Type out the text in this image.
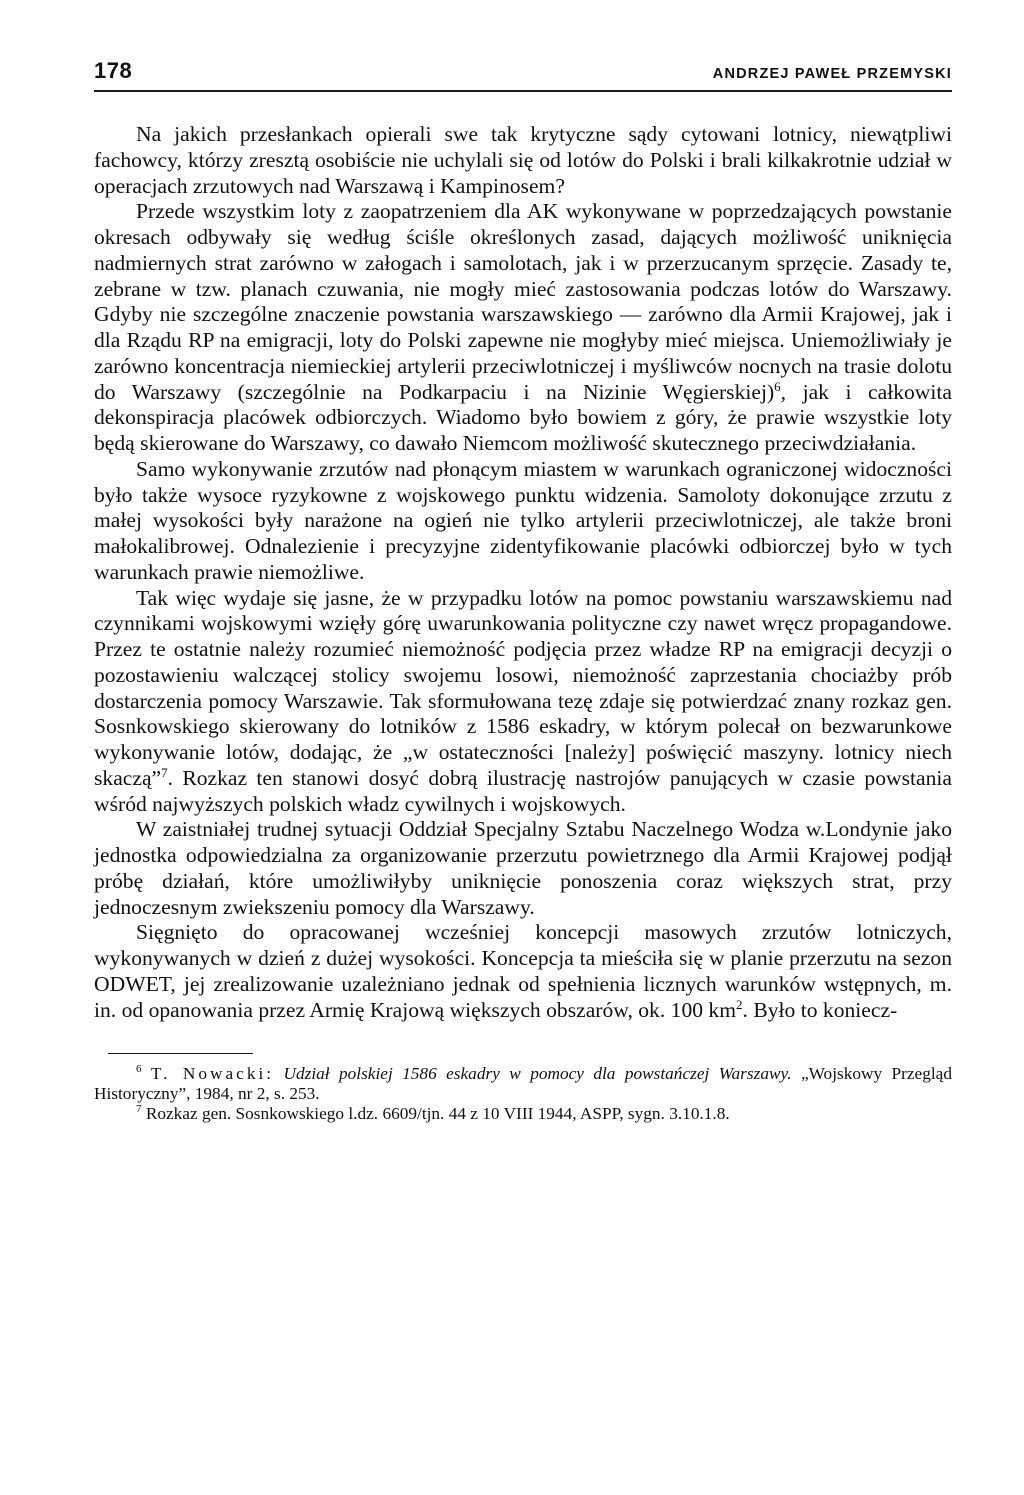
178	ANDRZEJ PAWEŁ PRZEMYSKI

Na jakich przesłankach opierali swe tak krytyczne sądy cytowani lotnicy, niewątpliwi fachowcy, którzy zresztą osobiście nie uchylali się od lotów do Polski i brali kilkakrotnie udział w operacjach zrzutowych nad Warszawą i Kampinosem?

Przede wszystkim loty z zaopatrzeniem dla AK wykonywane w poprzedzających powstanie okresach odbywały się według ściśle określonych zasad, dających możliwość uniknięcia nadmiernych strat zarówno w załogach i samolotach, jak i w przerzucanym sprzęcie. Zasady te, zebrane w tzw. planach czuwania, nie mogły mieć zastosowania podczas lotów do Warszawy. Gdyby nie szczególne znaczenie powstania warszawskiego — zarówno dla Armii Krajowej, jak i dla Rządu RP na emigracji, loty do Polski zapewne nie mogłyby mieć miejsca. Uniemożliwiały je zarówno koncentracja niemieckiej artylerii przeciwlotniczej i myśliwców nocnych na trasie dolotu do Warszawy (szczególnie na Podkarpaciu i na Nizinie Węgierskiej)$^6$, jak i całkowita dekonspiracja placówek odbiorczych. Wiadomo było bowiem z góry, że prawie wszystkie loty będą skierowane do Warszawy, co dawało Niemcom możliwość skutecznego przeciwdziałania.

Samo wykonywanie zrzutów nad płonącym miastem w warunkach ograniczonej widoczności było także wysoce ryzykowne z wojskowego punktu widzenia. Samoloty dokonujące zrzutu z małej wysokości były narażone na ogień nie tylko artylerii przeciwlotniczej, ale także broni małokalibrowej. Odnalezienie i precyzyjne zidentyfikowanie placówki odbiorczej było w tych warunkach prawie niemożliwe.

Tak więc wydaje się jasne, że w przypadku lotów na pomoc powstaniu warszawskiemu nad czynnikami wojskowymi wzięły górę uwarunkowania polityczne czy nawet wręcz propagandowe. Przez te ostatnie należy rozumieć niemożność podjęcia przez władze RP na emigracji decyzji o pozostawieniu walczącej stolicy swojemu losowi, niemożność zaprzestania chociażby prób dostarczenia pomocy Warszawie. Tak sformułowana tezę zdaje się potwierdzać znany rozkaz gen. Sosnkowskiego skierowany do lotników z 1586 eskadry, w którym polecał on bezwarunkowe wykonywanie lotów, dodając, że „w ostateczności [należy] poświęcić maszyny. lotnicy niech skaczą”$^7$. Rozkaz ten stanowi dosyć dobrą ilustrację nastrojów panujących w czasie powstania wśród najwyższych polskich władz cywilnych i wojskowych.

W zaistniałej trudnej sytuacji Oddział Specjalny Sztabu Naczelnego Wodza w.Londynie jako jednostka odpowiedzialna za organizowanie przerzutu powietrznego dla Armii Krajowej podjął próbę działań, które umożliwiłyby uniknięcie ponoszenia coraz większych strat, przy jednoczesnym zwiekszeniu pomocy dla Warszawy.

Sięgnięto do opracowanej wcześniej koncepcji masowych zrzutów lotniczych, wykonywanych w dzień z dużej wysokości. Koncepcja ta mieściła się w planie przerzutu na sezon ODWET, jej zrealizowanie uzależniano jednak od spełnienia licznych warunków wstępnych, m. in. od opanowania przez Armię Krajową większych obszarów, ok. 100 $km^2$. Było to koniecz-

$^6$ T. Nowacki: Udział polskiej 1586 eskadry w pomocy dla powstańczej Warszawy. „Wojskowy Przegląd Historyczny”, 1984, nr 2, s. 253.

$^7$ Rozkaz gen. Sosnkowskiego l.dz. 6609/tjn. 44 z 10 VIII 1944, ASPP, sygn. 3.10.1.8.
